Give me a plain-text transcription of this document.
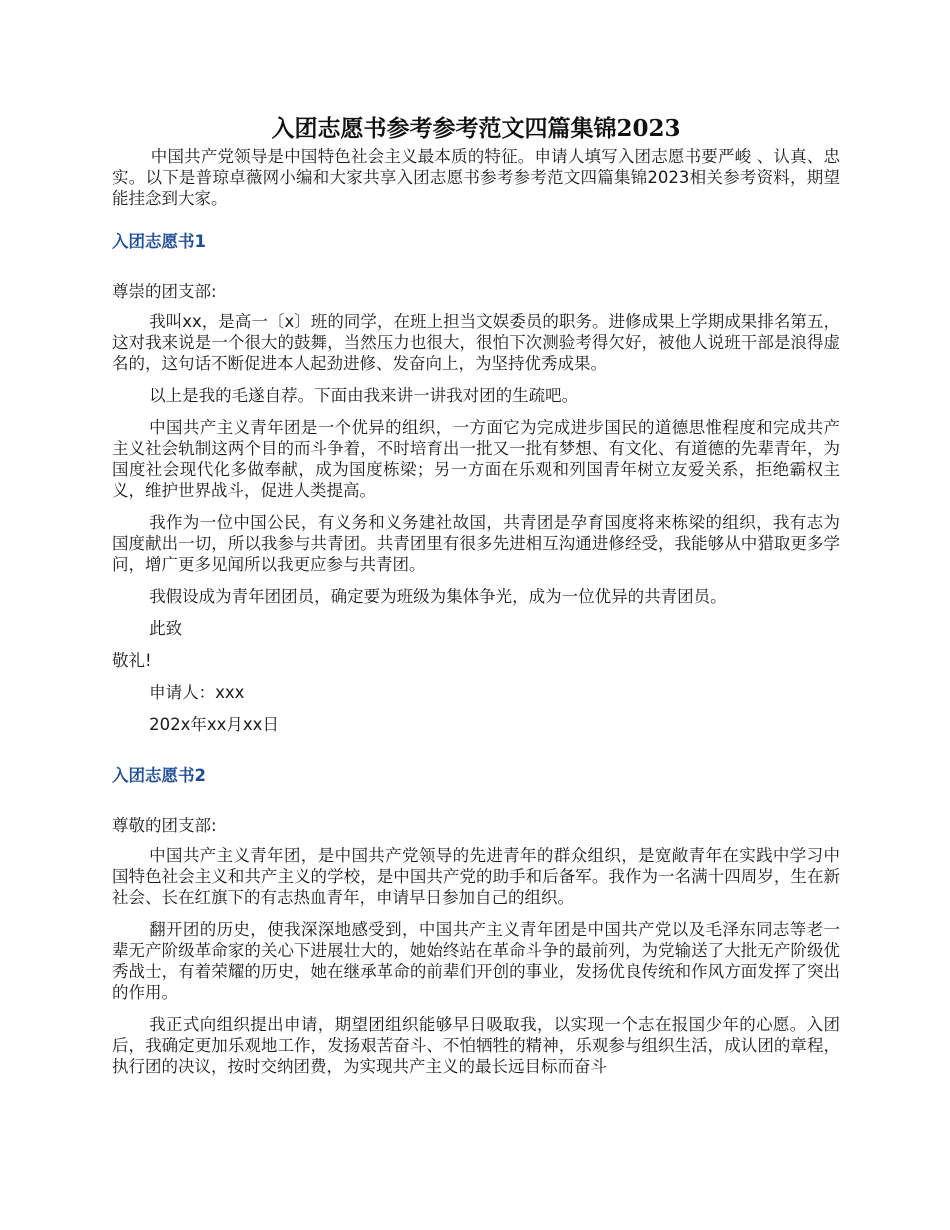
入团志愿书参考参考范文四篇集锦2023

中国共产党领导是中国特色社会主义最本质的特征。申请人填写入团志愿书要严峻 、认真、忠实。以下是普琼卓薇网小编和大家共享入团志愿书参考参考范文四篇集锦2023相关参考资料，期望能挂念到大家。

入团志愿书1

尊崇的团支部:

我叫xx，是高一〔x〕班的同学，在班上担当文娱委员的职务。进修成果上学期成果排名第五，这对我来说是一个很大的鼓舞，当然压力也很大，很怕下次测验考得欠好，被他人说班干部是浪得虚名的，这句话不断促进本人起劲进修、发奋向上，为坚持优秀成果。

以上是我的毛遂自荐。下面由我来讲一讲我对团的生疏吧。

中国共产主义青年团是一个优异的组织，一方面它为完成进步国民的道德思惟程度和完成共产主义社会轨制这两个目的而斗争着，不时培育出一批又一批有梦想、有文化、有道德的先辈青年，为国度社会现代化多做奉献，成为国度栋梁；另一方面在乐观和列国青年树立友爱关系，拒绝霸权主义，维护世界战斗，促进人类提高。

我作为一位中国公民，有义务和义务建社故国，共青团是孕育国度将来栋梁的组织，我有志为国度献出一切，所以我参与共青团。共青团里有很多先进相互沟通进修经受，我能够从中猎取更多学问，增广更多见闻所以我更应参与共青团。

我假设成为青年团团员，确定要为班级为集体争光，成为一位优异的共青团员。

此致

敬礼!

申请人：xxx

202x年xx月xx日

入团志愿书2

尊敬的团支部:

中国共产主义青年团，是中国共产党领导的先进青年的群众组织，是宽敞青年在实践中学习中国特色社会主义和共产主义的学校，是中国共产党的助手和后备军。我作为一名满十四周岁，生在新社会、长在红旗下的有志热血青年，申请早日参加自己的组织。

翻开团的历史，使我深深地感受到，中国共产主义青年团是中国共产党以及毛泽东同志等老一辈无产阶级革命家的关心下进展壮大的，她始终站在革命斗争的最前列，为党输送了大批无产阶级优秀战士，有着荣耀的历史，她在继承革命的前辈们开创的事业，发扬优良传统和作风方面发挥了突出的作用。

我正式向组织提出申请，期望团组织能够早日吸取我，以实现一个志在报国少年的心愿。入团后，我确定更加乐观地工作，发扬艰苦奋斗、不怕牺牲的精神，乐观参与组织生活，成认团的章程，执行团的决议，按时交纳团费，为实现共产主义的最长远目标而奋斗
